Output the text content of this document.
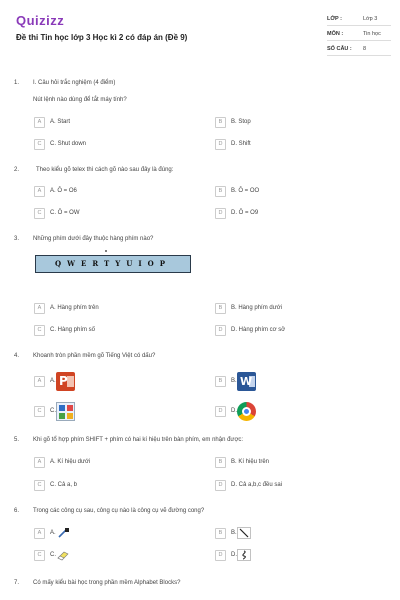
Quizizz
Đề thi Tin học lớp 3 Học kì 2 có đáp án (Đề 9)
LỚP :	Lớp 3
MÔN :	Tin học
SỐ CÂU : 8
1. I. Câu hỏi trắc nghiệm (4 điểm)
Nút lệnh nào dùng để tắt máy tính?
A	A. Start	B	B. Stop
C	C. Shut down	D	D. Shift
2.	Theo kiểu gõ telex thì cách gõ nào sau đây là đúng:
A	A. Ô = O6	B	B. Ô = OO
C	C. Ô = OW	D	D. Ô = O9
3. Những phím dưới đây thuộc hàng phím nào?
QWERTYUIOP
A	A. Hàng phím trên	B	B. Hàng phím dưới
C	C. Hàng phím số	D	D. Hàng phím cơ sở
4. Khoanh tròn phần mềm gõ Tiếng Việt có dấu?
A	A. P	B	B. W
C	C.	D	D.
5. Khi gõ tổ hợp phím SHIFT + phím có hai kí hiệu trên bàn phím, em nhận được:
A	A. Kí hiệu dưới	B	B. Kí hiệu trên
C	C. Cả a, b	D	D. Cả a,b,c đều sai
6. Trong các công cụ sau, công cụ nào là công cụ vẽ đường cong?
A	A.	B	B.
C	C.	D	D.
7. Có mấy kiểu bài học trong phần mềm Alphabet Blocks?
